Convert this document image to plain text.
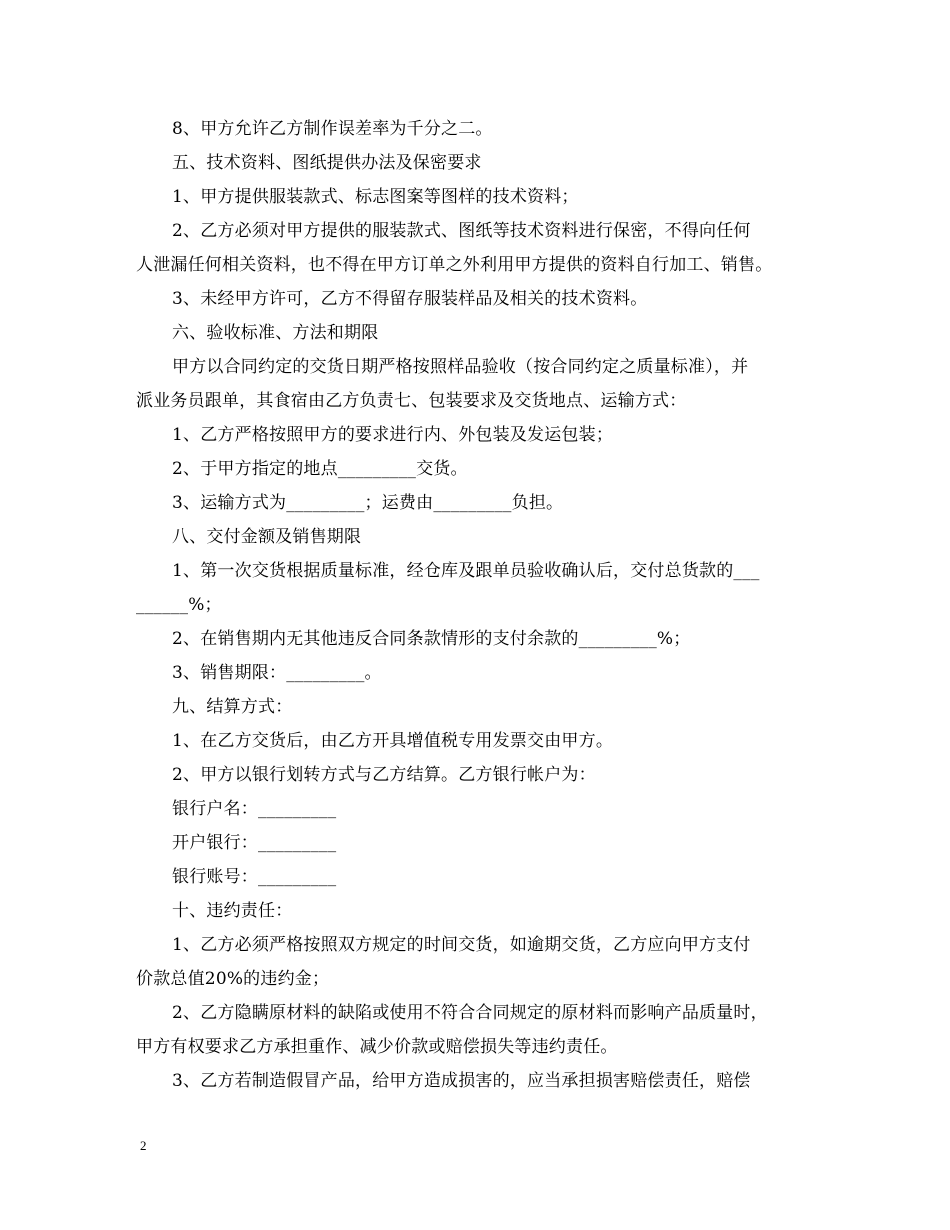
8、甲方允许乙方制作误差率为千分之二。

五、技术资料、图纸提供办法及保密要求

1、甲方提供服装款式、标志图案等图样的技术资料；

2、乙方必须对甲方提供的服装款式、图纸等技术资料进行保密，不得向任何

人泄漏任何相关资料，也不得在甲方订单之外利用甲方提供的资料自行加工、销售。

3、未经甲方许可，乙方不得留存服装样品及相关的技术资料。

六、验收标准、方法和期限

甲方以合同约定的交货日期严格按照样品验收（按合同约定之质量标准），并

派业务员跟单，其食宿由乙方负责七、包装要求及交货地点、运输方式：

1、乙方严格按照甲方的要求进行内、外包装及发运包装；

2、于甲方指定的地点_________交货。

3、运输方式为_________；运费由_________负担。

八、交付金额及销售期限

1、第一次交货根据质量标准，经仓库及跟单员验收确认后，交付总货款的___

______%；

2、在销售期内无其他违反合同条款情形的支付余款的_________%；

3、销售期限：_________。

九、结算方式：

1、在乙方交货后，由乙方开具增值税专用发票交由甲方。

2、甲方以银行划转方式与乙方结算。乙方银行帐户为：

银行户名：_________

开户银行：_________

银行账号：_________

十、违约责任：

1、乙方必须严格按照双方规定的时间交货，如逾期交货，乙方应向甲方支付

价款总值20%的违约金；

2、乙方隐瞒原材料的缺陷或使用不符合合同规定的原材料而影响产品质量时，

甲方有权要求乙方承担重作、减少价款或赔偿损失等违约责任。

3、乙方若制造假冒产品，给甲方造成损害的，应当承担损害赔偿责任，赔偿

2
